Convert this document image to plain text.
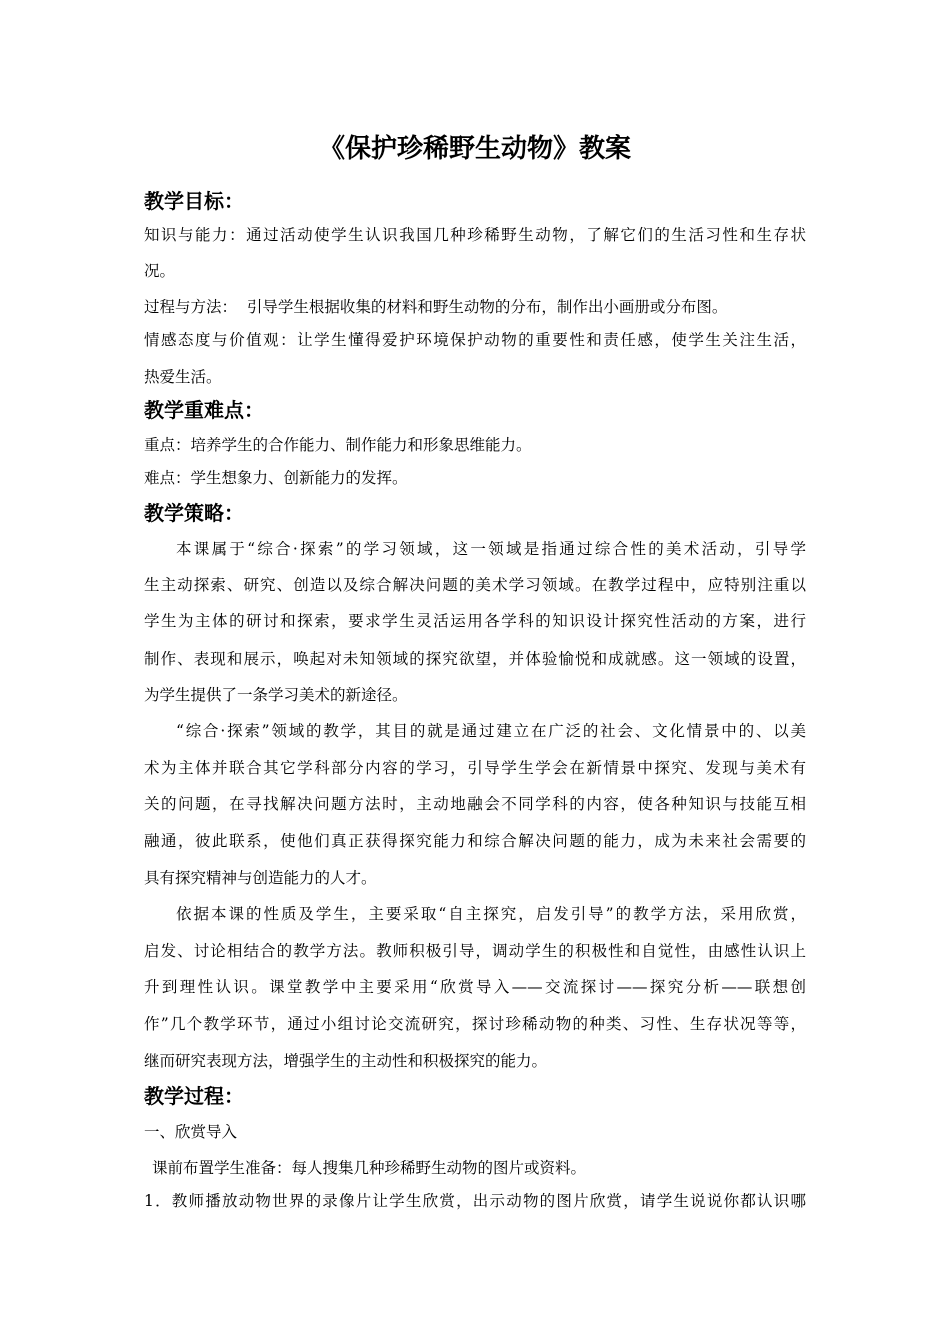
《保护珍稀野生动物》教案
教学目标：
知识与能力：通过活动使学生认识我国几种珍稀野生动物，了解它们的生活习性和生存状
况。
过程与方法：  引导学生根据收集的材料和野生动物的分布，制作出小画册或分布图。
情感态度与价值观：让学生懂得爱护环境保护动物的重要性和责任感，使学生关注生活，
热爱生活。
教学重难点：
重点：培养学生的合作能力、制作能力和形象思维能力。
难点：学生想象力、创新能力的发挥。
教学策略：
本课属于“综合·探索”的学习领域，这一领域是指通过综合性的美术活动，引导学
生主动探索、研究、创造以及综合解决问题的美术学习领域。在教学过程中，应特别注重以
学生为主体的研讨和探索，要求学生灵活运用各学科的知识设计探究性活动的方案，进行
制作、表现和展示，唤起对未知领域的探究欲望，并体验愉悦和成就感。这一领域的设置，
为学生提供了一条学习美术的新途径。
“综合·探索”领域的教学，其目的就是通过建立在广泛的社会、文化情景中的、以美
术为主体并联合其它学科部分内容的学习，引导学生学会在新情景中探究、发现与美术有
关的问题，在寻找解决问题方法时，主动地融会不同学科的内容，使各种知识与技能互相
融通，彼此联系，使他们真正获得探究能力和综合解决问题的能力，成为未来社会需要的
具有探究精神与创造能力的人才。
依据本课的性质及学生，主要采取“自主探究，启发引导”的教学方法，采用欣赏，
启发、讨论相结合的教学方法。教师积极引导，调动学生的积极性和自觉性，由感性认识上
升到理性认识。课堂教学中主要采用“欣赏导入——交流探讨——探究分析——联想创
作”几个教学环节，通过小组讨论交流研究，探讨珍稀动物的种类、习性、生存状况等等，
继而研究表现方法，增强学生的主动性和积极探究的能力。
教学过程：
一、欣赏导入
课前布置学生准备：每人搜集几种珍稀野生动物的图片或资料。
1．教师播放动物世界的录像片让学生欣赏，出示动物的图片欣赏，请学生说说你都认识哪
